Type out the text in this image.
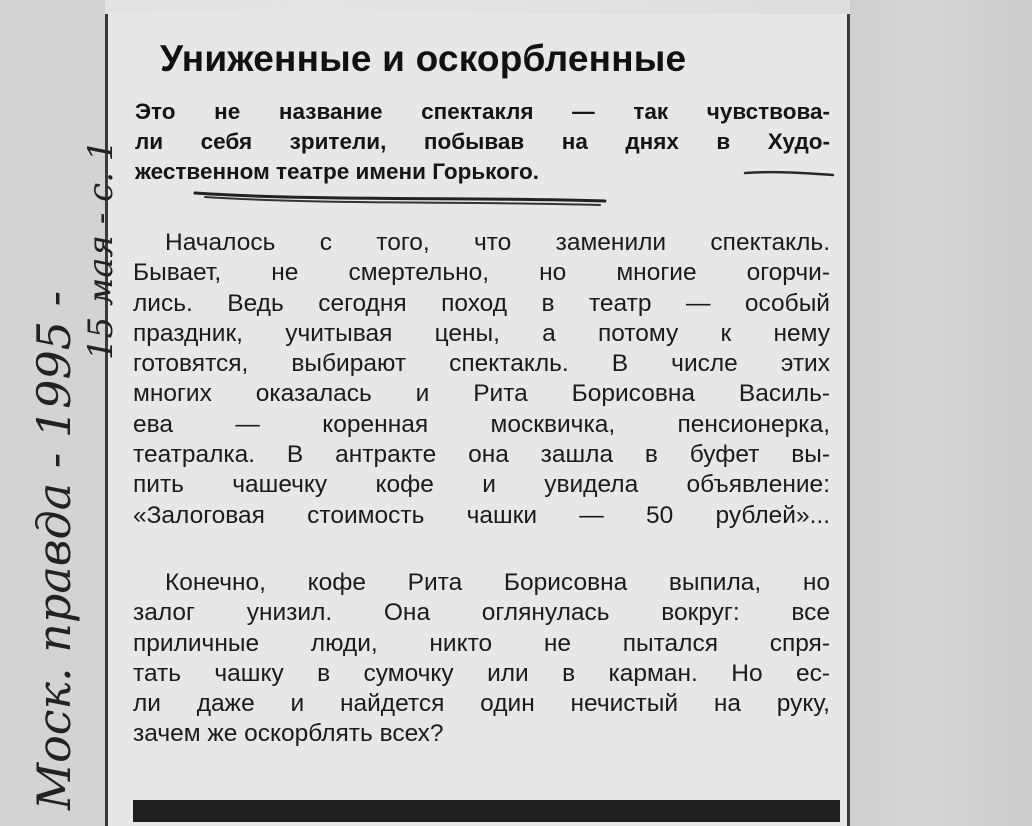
Униженные и оскорбленные
Это не название спектакля — так чувствова-
ли себя зрители, побывав на днях в Худо-
жественном театре имени Горького.
Началось с того, что заменили спектакль.
Бывает, не смертельно, но многие огорчи-
лись. Ведь сегодня поход в театр — особый
праздник, учитывая цены, а потому к нему
готовятся, выбирают спектакль. В числе этих
многих оказалась и Рита Борисовна Василь-
ева — коренная москвичка, пенсионерка,
театралка. В антракте она зашла в буфет вы-
пить чашечку кофе и увидела объявление:
«Залоговая стоимость чашки — 50 рублей»...
Конечно, кофе Рита Борисовна выпила, но
залог унизил. Она оглянулась вокруг: все
приличные люди, никто не пытался спря-
тать чашку в сумочку или в карман. Но ес-
ли даже и найдется один нечистый на руку,
зачем же оскорблять всех?
Моск. правда - 1995 -
15 мая - с. 1
